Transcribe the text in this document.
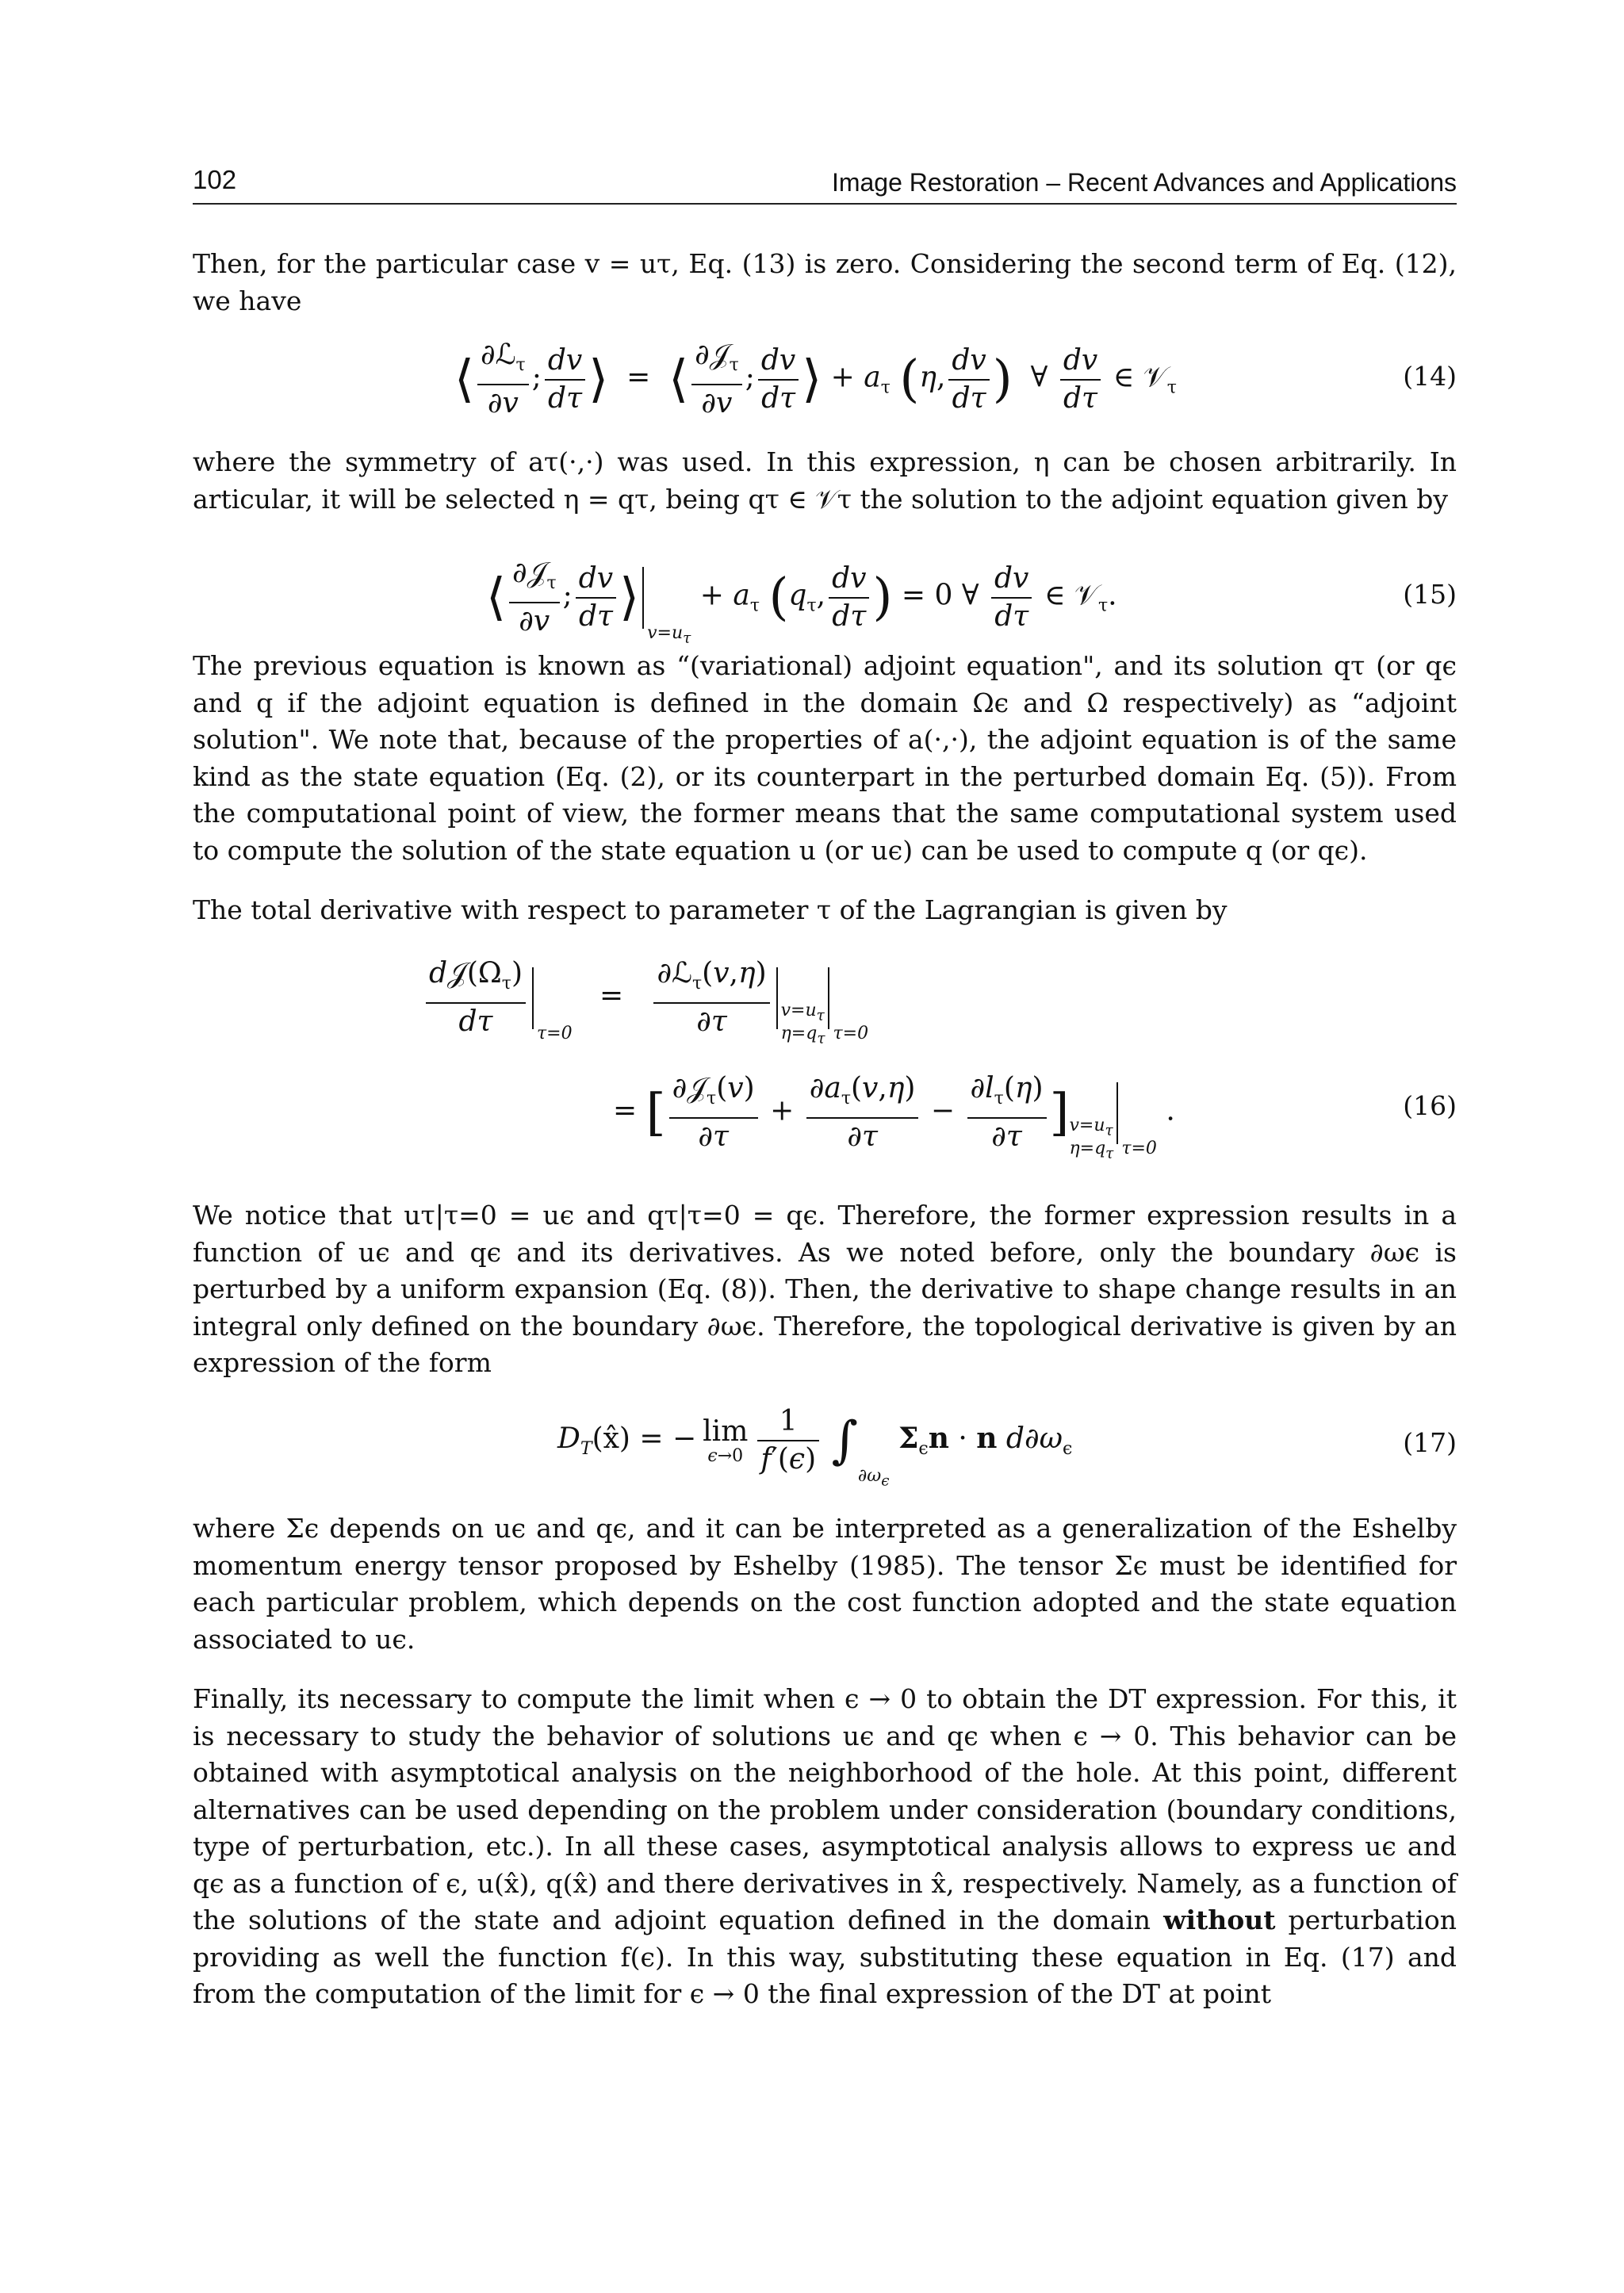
102	Image Restoration – Recent Advances and Applications

Then, for the particular case v = uτ, Eq. (13) is zero. Considering the second term of Eq. (12), we have

⟨ $\frac{\partial ℒ_\tau}{\partial v}$ ; $\frac{dv}{d\tau}$ ⟩  =  ⟨ $\frac{\partial 𝒥_\tau}{\partial v}$ ; $\frac{dv}{d\tau}$ ⟩ + $a_\tau$ (η, $\frac{dv}{d\tau}$ )  ∀ $\frac{dv}{d\tau}$ ∈ 𝒱$_\tau$	(14)

where the symmetry of aτ(·,·) was used. In this expression, η can be chosen arbitrarily. In articular, it will be selected η = qτ, being qτ ∈ 𝒱τ the solution to the adjoint equation given by

⟨ $\frac{\partial 𝒥_\tau}{\partial v}$ ; $\frac{dv}{d\tau}$ $⟩v=u_\tau + a_\tau$ ($q_\tau$, $\frac{dv}{d\tau}$ ) = 0 ∀ $\frac{dv}{d\tau}$ ∈ 𝒱$_\tau$.	(15)

The previous equation is known as “(variational) adjoint equation", and its solution qτ (or qϵ and q if the adjoint equation is defined in the domain Ωϵ and Ω respectively) as “adjoint solution". We note that, because of the properties of a(·,·), the adjoint equation is of the same kind as the state equation (Eq. (2), or its counterpart in the perturbed domain Eq. (5)). From the computational point of view, the former means that the same computational system used to compute the solution of the state equation u (or uϵ) can be used to compute q (or qϵ).

The total derivative with respect to parameter τ of the Lagrangian is given by

$\frac{d𝒥(\Omega_\tau)}{d\tau} \tau=0 = \frac{\partial ℒ_\tau(v,\eta)}{\partial\tau} v=u_\tau$
$\eta=q_\tau$ τ=0
= [ $\frac{\partial 𝒥_\tau(v)}{\partial\tau} + \frac{\partial a_\tau(v,\eta)}{\partial\tau} - \frac{\partial l_\tau(\eta)}{\partial\tau} ]v=u_\tau$
$\eta=q_\tau$ τ=0 .	(16)

We notice that uτ|τ=0 = uϵ and qτ|τ=0 = qϵ. Therefore, the former expression results in a function of uϵ and qϵ and its derivatives. As we noted before, only the boundary ∂ωϵ is perturbed by a uniform expansion (Eq. (8)). Then, the derivative to shape change results in an integral only defined on the boundary ∂ωϵ. Therefore, the topological derivative is given by an expression of the form

$D_T(x̂)$ = − lim
$\epsilon\to 0 \frac{1}{f'(\epsilon)} \int\partial\omega_\epsilon$ $\Sigma_\epsilon n \cdot n$ $d\partial\omega_\epsilon$	(17)

where Σϵ depends on uϵ and qϵ, and it can be interpreted as a generalization of the Eshelby momentum energy tensor proposed by Eshelby (1985). The tensor Σϵ must be identified for each particular problem, which depends on the cost function adopted and the state equation associated to uϵ.

Finally, its necessary to compute the limit when ϵ → 0 to obtain the DT expression. For this, it is necessary to study the behavior of solutions uϵ and qϵ when ϵ → 0. This behavior can be obtained with asymptotical analysis on the neighborhood of the hole. At this point, different alternatives can be used depending on the problem under consideration (boundary conditions, type of perturbation, etc.). In all these cases, asymptotical analysis allows to express uϵ and qϵ as a function of ϵ, u(x̂), q(x̂) and there derivatives in x̂, respectively. Namely, as a function of the solutions of the state and adjoint equation defined in the domain without perturbation providing as well the function f(ϵ). In this way, substituting these equation in Eq. (17) and from the computation of the limit for ϵ → 0 the final expression of the DT at point
